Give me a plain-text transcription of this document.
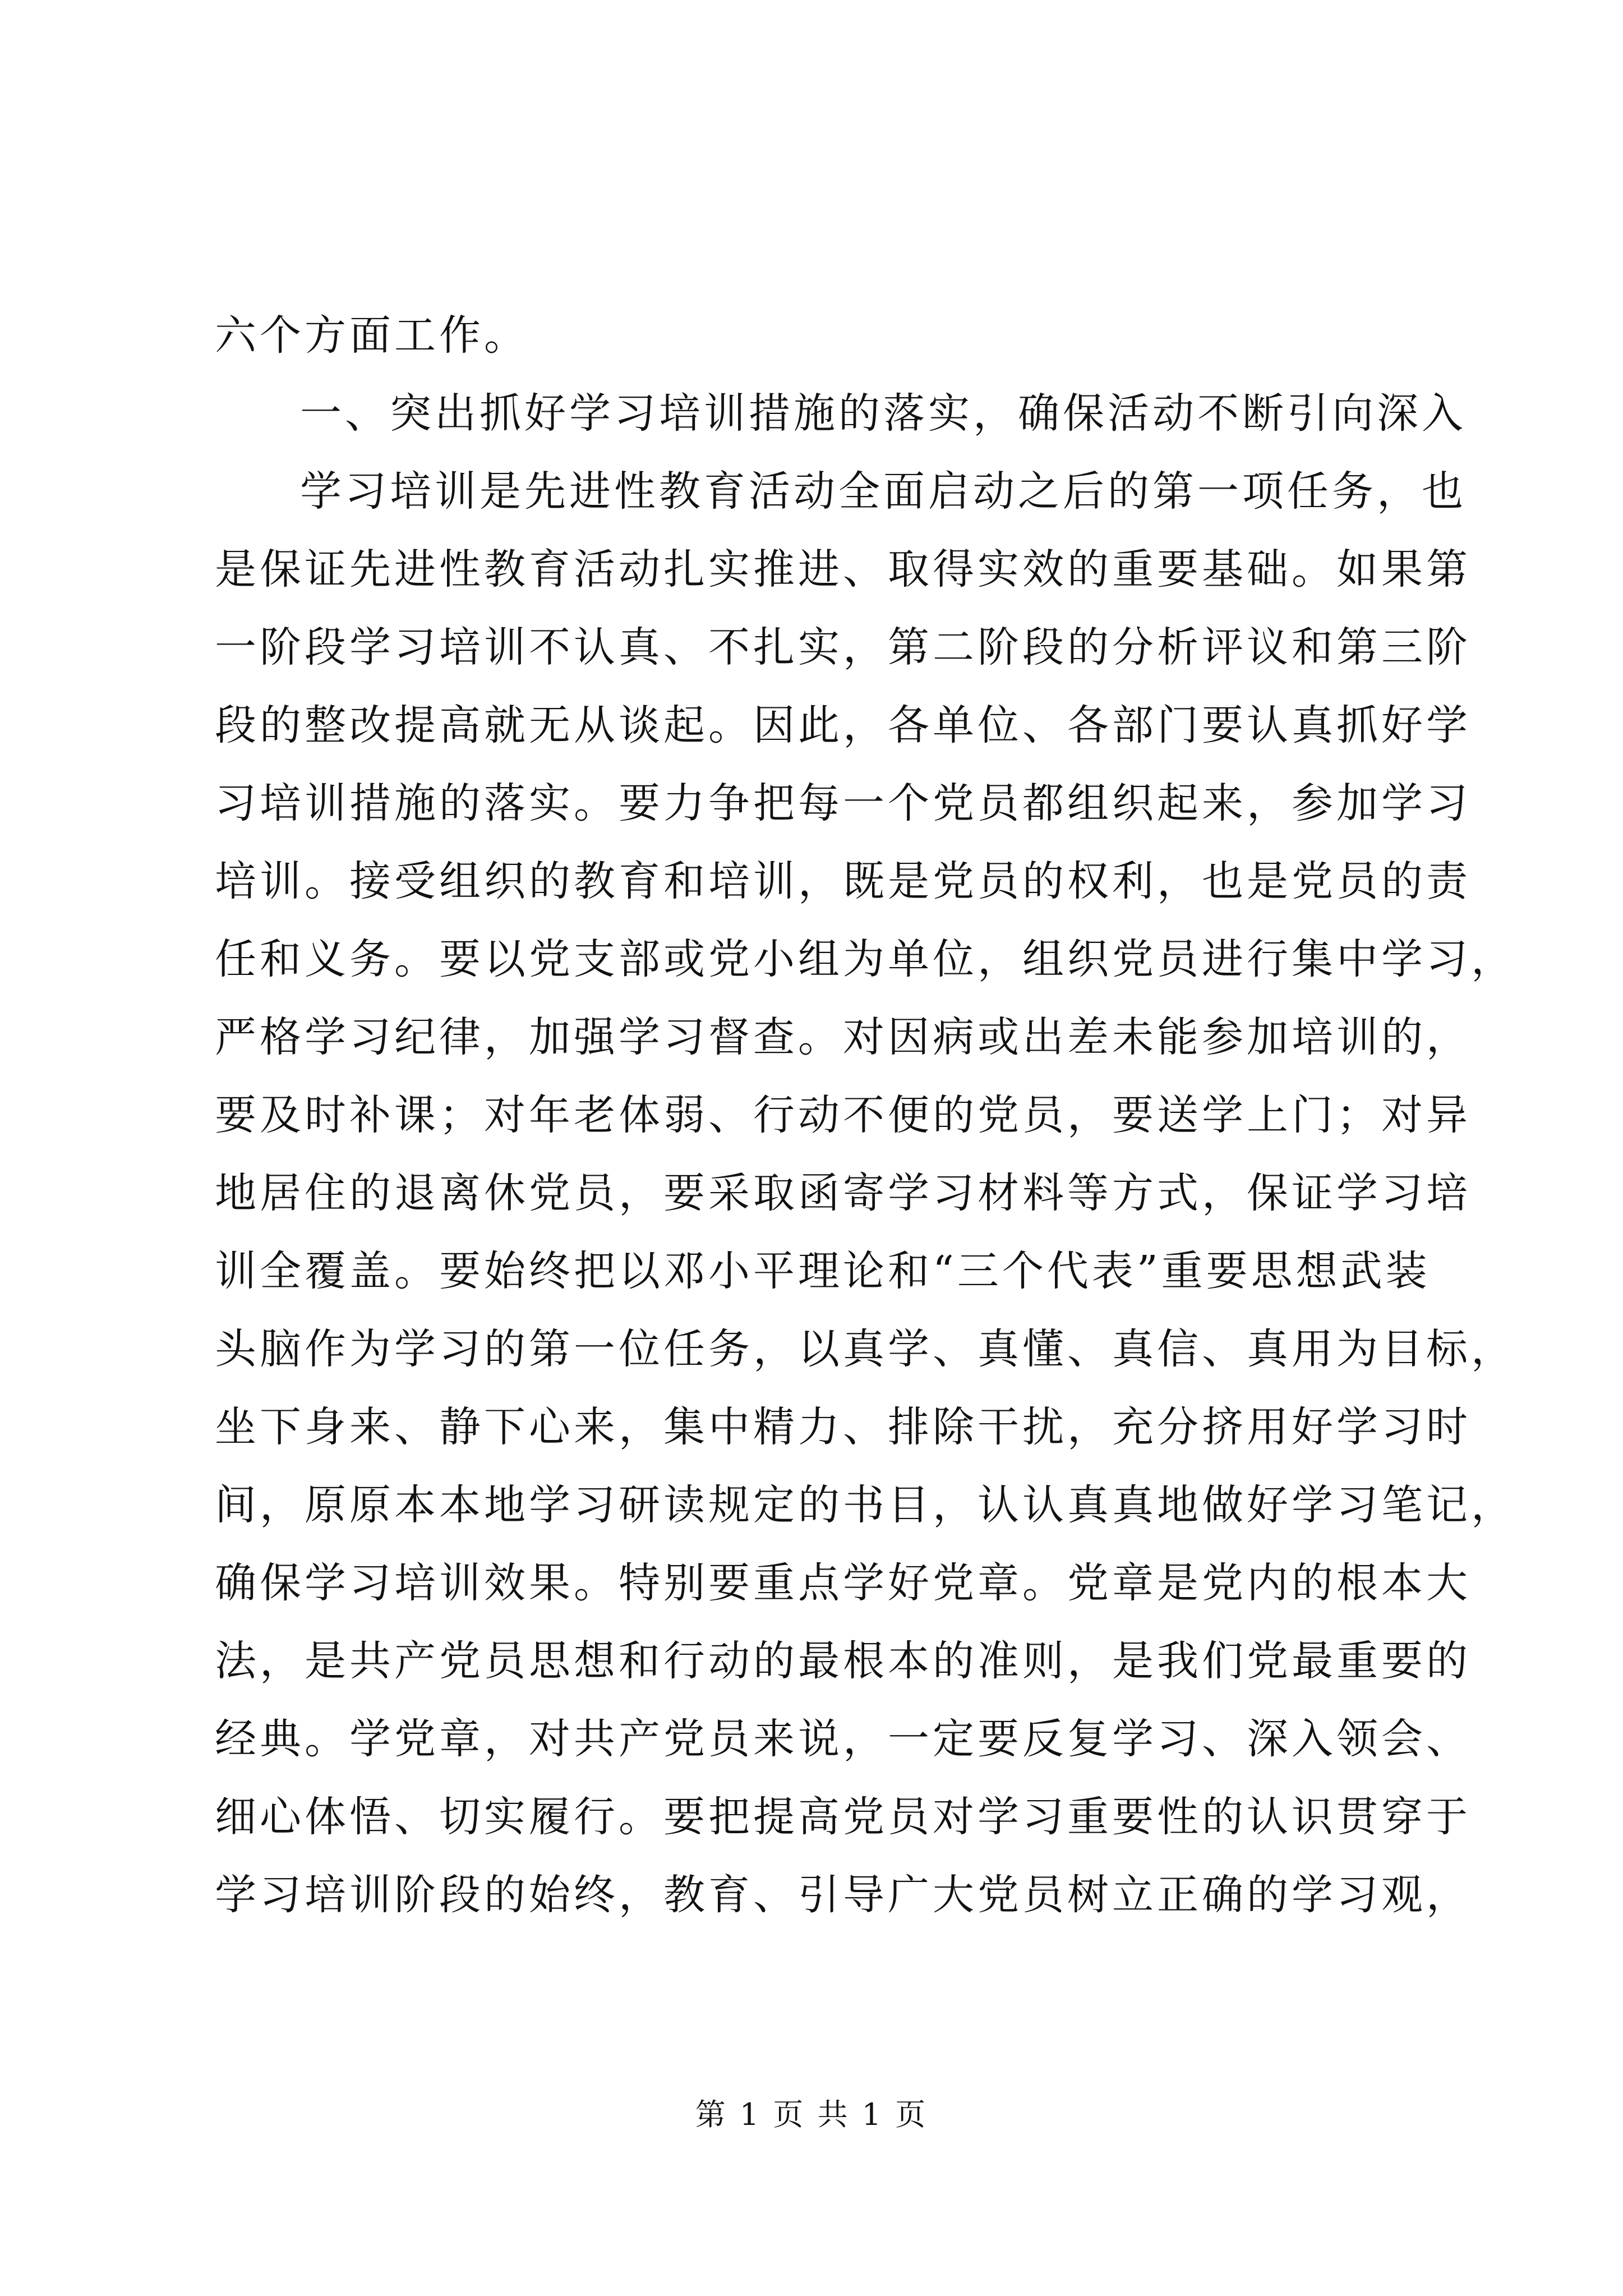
六个方面工作。
一、突出抓好学习培训措施的落实，确保活动不断引向深入
学习培训是先进性教育活动全面启动之后的第一项任务，也
是保证先进性教育活动扎实推进、取得实效的重要基础。如果第
一阶段学习培训不认真、不扎实，第二阶段的分析评议和第三阶
段的整改提高就无从谈起。因此，各单位、各部门要认真抓好学
习培训措施的落实。要力争把每一个党员都组织起来，参加学习
培训。接受组织的教育和培训，既是党员的权利，也是党员的责
任和义务。要以党支部或党小组为单位，组织党员进行集中学习，
严格学习纪律，加强学习督查。对因病或出差未能参加培训的，
要及时补课；对年老体弱、行动不便的党员，要送学上门；对异
地居住的退离休党员，要采取函寄学习材料等方式，保证学习培
训全覆盖。要始终把以邓小平理论和“三个代表”重要思想武装
头脑作为学习的第一位任务，以真学、真懂、真信、真用为目标，
坐下身来、静下心来，集中精力、排除干扰，充分挤用好学习时
间，原原本本地学习研读规定的书目，认认真真地做好学习笔记，
确保学习培训效果。特别要重点学好党章。党章是党内的根本大
法，是共产党员思想和行动的最根本的准则，是我们党最重要的
经典。学党章，对共产党员来说，一定要反复学习、深入领会、
细心体悟、切实履行。要把提高党员对学习重要性的认识贯穿于
学习培训阶段的始终，教育、引导广大党员树立正确的学习观，
第 1 页 共 1 页
